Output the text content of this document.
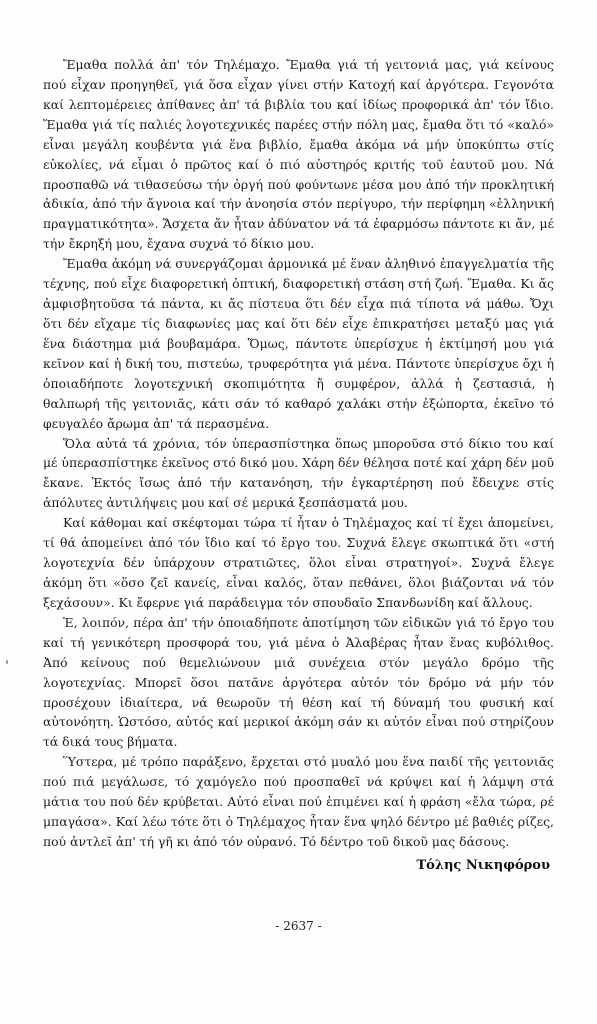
Ἔμαθα πολλά ἀπ' τόν Τηλέμαχο. Ἔμαθα γιά τή γειτονιά μας, γιά κείνους πού εἶχαν προηγηθεῖ, γιά ὅσα εἶχαν γίνει στήν Κατοχή καί ἀργότερα. Γεγονότα καί λεπτομέρειες ἀπίθανες ἀπ' τά βιβλία του καί ἰδίως προφορικά ἀπ' τόν ἴδιο. Ἔμαθα γιά τίς παλιές λογοτεχνικές παρέες στήν πόλη μας, ἔμαθα ὅτι τό «καλό» εἶναι μεγάλη κουβέντα γιά ἕνα βιβλίο, ἔμαθα ἀκόμα νά μήν ὑποκύπτω στίς εὐκολίες, νά εἶμαι ὁ πρῶτος καί ὁ πιό αὐστηρός κριτής τοῦ ἑαυτοῦ μου. Νά προσπαθῶ νά τιθασεύσω τήν ὀργή πού φούντωνε μέσα μου ἀπό τήν προκλητική ἀδικία, ἀπό τήν ἄγνοια καί τήν ἀνοησία στόν περίγυρο, τήν περίφημη «ἑλληνική πραγματικότητα». Ἄσχετα ἄν ἦταν ἀδύνατον νά τά ἐφαρμόσω πάντοτε κι ἄν, μέ τήν ἔκρηξή μου, ἔχανα συχνά τό δίκιο μου.

Ἔμαθα ἀκόμη νά συνεργάζομαι ἁρμονικά μέ ἕναν ἀληθινό ἐπαγγελματία τῆς τέχνης, πού εἶχε διαφορετική ὀπτική, διαφορετική στάση στή ζωή. Ἔμαθα. Κι ἄς ἀμφισβητοῦσα τά πάντα, κι ἄς πίστευα ὅτι δέν εἶχα πιά τίποτα νά μάθω. Ὄχι ὅτι δέν εἴχαμε τίς διαφωνίες μας καί ὅτι δέν εἶχε ἐπικρατήσει μεταξύ μας γιά ἕνα διάστημα μιά βουβαμάρα. Ὅμως, πάντοτε ὑπερίσχυε ἡ ἐκτίμησή μου γιά κεῖνον καί ἡ δική του, πιστεύω, τρυφερότητα γιά μένα. Πάντοτε ὑπερίσχυε ὄχι ἡ ὁποιαδήποτε λογοτεχνική σκοπιμότητα ἤ συμφέρον, ἀλλά ἡ ζεστασιά, ἡ θαλπωρή τῆς γειτονιᾶς, κάτι σάν τό καθαρό χαλάκι στήν ἐξώπορτα, ἐκεῖνο τό φευγαλέο ἄρωμα ἀπ' τά περασμένα.

Ὅλα αὐτά τά χρόνια, τόν ὑπερασπίστηκα ὅπως μποροῦσα στό δίκιο του καί μέ ὑπερασπίστηκε ἐκεῖνος στό δικό μου. Χάρη δέν θέλησα ποτέ καί χάρη δέν μοῦ ἔκανε. Ἐκτός ἴσως ἀπό τήν κατανόηση, τήν ἐγκαρτέρηση πού ἔδειχνε στίς ἀπόλυτες ἀντιλήψεις μου καί σέ μερικά ξεσπάσματά μου.

Καί κάθομαι καί σκέφτομαι τώρα τί ἦταν ὁ Τηλέμαχος καί τί ἔχει ἀπομείνει, τί θά ἀπομείνει ἀπό τόν ἴδιο καί τό ἔργο του. Συχνά ἔλεγε σκωπτικά ὅτι «στή λογοτεχνία δέν ὑπάρχουν στρατιῶτες, ὅλοι εἶναι στρατηγοί». Συχνά ἔλεγε ἀκόμη ὅτι «ὅσο ζεῖ κανείς, εἶναι καλός, ὅταν πεθάνει, ὅλοι βιάζονται νά τόν ξεχάσουν». Κι ἔφερνε γιά παράδειγμα τόν σπουδαῖο Σπανδωνίδη καί ἄλλους.

Ἐ, λοιπόν, πέρα ἀπ' τήν ὁποιαδήποτε ἀποτίμηση τῶν εἰδικῶν γιά τό ἔργο του καί τή γενικότερη προσφορά του, γιά μένα ὁ Ἀλαβέρας ἦταν ἕνας κυβόλιθος. Ἀπό κείνους πού θεμελιώνουν μιά συνέχεια στόν μεγάλο δρόμο τῆς λογοτεχνίας. Μπορεῖ ὅσοι πατᾶνε ἀργότερα αὐτόν τόν δρόμο νά μήν τόν προσέχουν ἰδιαίτερα, νά θεωροῦν τή θέση καί τή δύναμή του φυσική καί αὐτονόητη. Ὡστόσο, αὐτός καί μερικοί ἀκόμη σάν κι αὐτόν εἶναι πού στηρίζουν τά δικά τους βήματα.

Ὕστερα, μέ τρόπο παράξενο, ἔρχεται στό μυαλό μου ἕνα παιδί τῆς γειτονιᾶς πού πιά μεγάλωσε, τό χαμόγελο πού προσπαθεῖ νά κρύψει καί ἡ λάμψη στά μάτια του πού δέν κρύβεται. Αὐτό εἶναι πού ἐπιμένει καί ἡ φράση «ἔλα τώρα, ρέ μπαγάσα». Καί λέω τότε ὅτι ὁ Τηλέμαχος ἦταν ἕνα ψηλό δέντρο μέ βαθιές ρίζες, πού ἀντλεῖ ἀπ' τή γῆ κι ἀπό τόν οὐρανό. Τό δέντρο τοῦ δικοῦ μας δάσους.

Τόλης Νικηφόρου
- 2637 -
